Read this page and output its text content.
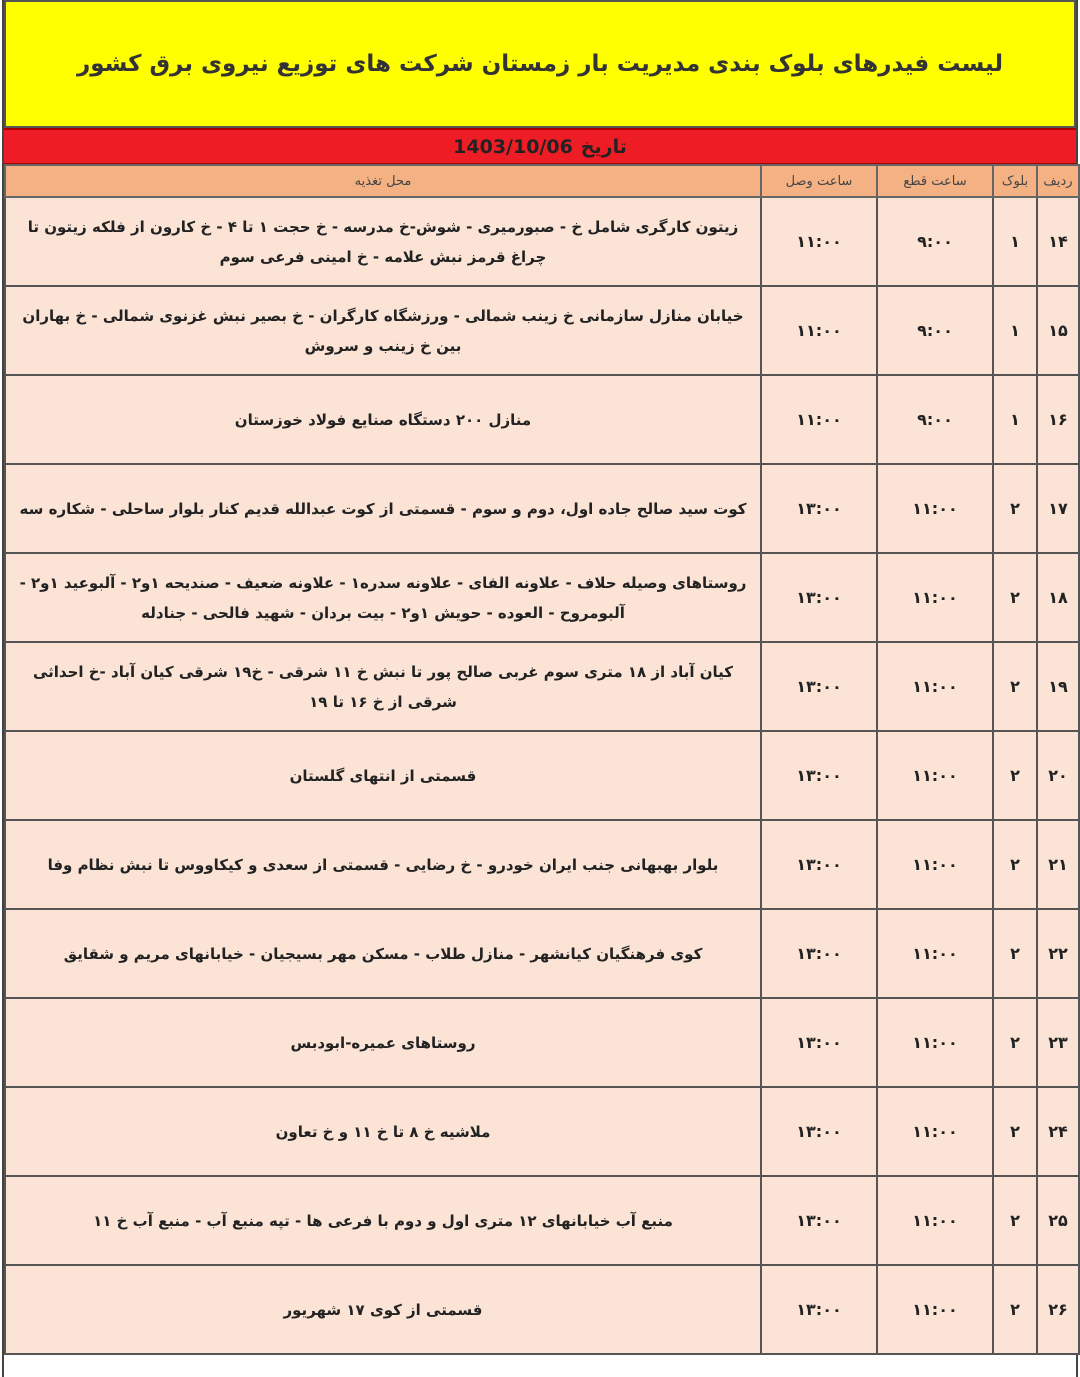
لیست فیدرهای بلوک بندی مدیریت بار زمستان شرکت های توزیع نیروی برق کشور
تاریخ
1403/10/06
ردیف	بلوک	ساعت قطع	ساعت وصل	محل تغذیه
۱۴	۱	۹:۰۰	۱۱:۰۰	زیتون کارگری شامل خ - صبورمیری - شوش-خ مدرسه - خ حجت ۱ تا ۴ - خ کارون از فلکه زیتون تا چراغ قرمز نبش علامه - خ امینی فرعی سوم
۱۵	۱	۹:۰۰	۱۱:۰۰	خیابان منازل سازمانی خ زینب شمالی - ورزشگاه کارگران - خ بصیر نبش غزنوی شمالی - خ بهاران بین خ زینب و سروش
۱۶	۱	۹:۰۰	۱۱:۰۰	منازل ۲۰۰ دستگاه صنایع فولاد خوزستان
۱۷	۲	۱۱:۰۰	۱۳:۰۰	کوت سید صالح جاده اول، دوم و سوم - قسمتی از کوت عبدالله قدیم کنار بلوار ساحلی - شکاره سه
۱۸	۲	۱۱:۰۰	۱۳:۰۰	روستاهای وصیله حلاف - علاونه الفای - علاونه سدره۱ - علاونه ضعیف - صندیحه ۱و۲ - آلبوعید ۱و۲ - آلبومروح - العوده - حویش ۱و۲ - بیت بردان - شهید فالحی - جنادله
۱۹	۲	۱۱:۰۰	۱۳:۰۰	کیان آباد از ۱۸ متری سوم غربی صالح پور تا نبش خ ۱۱ شرقی - خ۱۹ شرقی کیان آباد -خ احداثی شرقی از خ ۱۶ تا ۱۹
۲۰	۲	۱۱:۰۰	۱۳:۰۰	قسمتی از انتهای گلستان
۲۱	۲	۱۱:۰۰	۱۳:۰۰	بلوار بهبهانی جنب ایران خودرو - خ رضایی - قسمتی از سعدی و کیکاووس تا نبش نظام وفا
۲۲	۲	۱۱:۰۰	۱۳:۰۰	کوی فرهنگیان کیانشهر - منازل طلاب - مسکن مهر بسیجیان - خیابانهای مریم و شقایق
۲۳	۲	۱۱:۰۰	۱۳:۰۰	روستاهای عمیره-ابودبس
۲۴	۲	۱۱:۰۰	۱۳:۰۰	ملاشیه خ ۸ تا خ ۱۱ و خ تعاون
۲۵	۲	۱۱:۰۰	۱۳:۰۰	منبع آب خیابانهای ۱۲ متری اول و دوم با فرعی ها - تپه منبع آب - منبع آب خ ۱۱
۲۶	۲	۱۱:۰۰	۱۳:۰۰	قسمتی از کوی ۱۷ شهریور
